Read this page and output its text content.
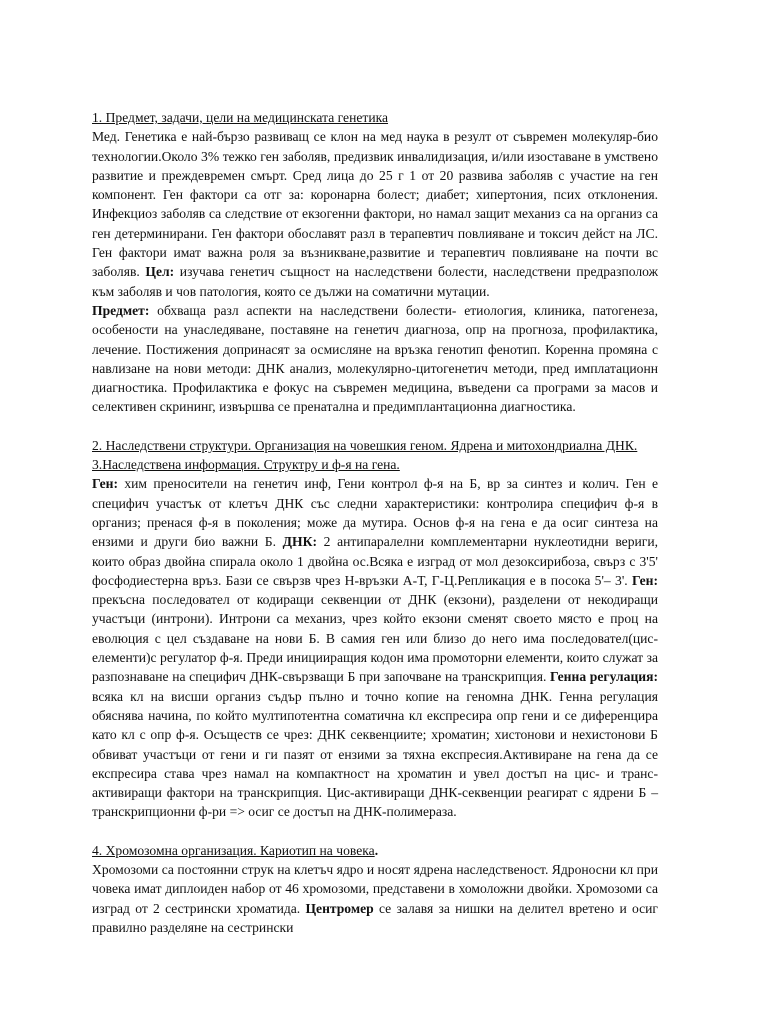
1. Предмет, задачи, цели на медицинската генетика

Мед. Генетика е най-бързо развиващ се клон на мед наука в резулт от съвремен молекуляр-био технологии.Около 3% тежко ген заболяв, предизвик инвалидизация, и/или изоставане в умствено развитие и преждевремен смърт. Сред лица до 25 г 1 от 20 развива заболяв с участие на ген компонент. Ген фактори са отг за: коронарна болест; диабет; хипертония, псих отклонения. Инфекциоз заболяв са следствие от екзогенни фактори, но намал защит механиз са на организ са ген детерминирани. Ген фактори обославят разл в терапевтич повлияване и токсич дейст на ЛС. Ген фактори имат важна роля за възникване,развитие и терапевтич повлияване на почти вс заболяв. Цел: изучава генетич същност на наследствени болести, наследствени предразполож към заболяв и чов патология, която се дължи на соматични мутации.

Предмет: обхваща разл аспекти на наследствени болести- етиология, клиника, патогенеза, особености на унаследяване, поставяне на генетич диагноза, опр на прогноза, профилактика, лечение. Постижения допринасят за осмисляне на връзка генотип фенотип. Коренна промяна с навлизане на нови методи: ДНК анализ, молекулярно-цитогенетич методи, пред имплатационн диагностика. Профилактика е фокус на съвремен медицина, въведени са програми за масов и селективен скрининг, извършва се пренатална и предимплантационна диагностика.

2. Наследствени структури. Организация на човешкия геном. Ядрена и митохондриална ДНК.

3.Наследствена информация. Структру и ф-я на гена.

Ген: хим преносители на генетич инф, Гени контрол ф-я на Б, вр за синтез и колич. Ген е специфич участък от клетъч ДНК със следни характеристики: контролира специфич ф-я в организ; пренася ф-я в поколения; може да мутира. Основ ф-я на гена е да осиг синтеза на ензими и други био важни Б. ДНК: 2 антипаралелни комплементарни нуклеотидни вериги, които образ двойна спирала около 1 двойна ос.Всяка е изград от мол дезоксирибоза, свърз с 3'5' фосфодиестерна връз. Бази се свързв чрез Н-връзки А-Т, Г-Ц.Репликация е в посока 5'– 3'. Ген: прекъсна последовател от кодиращи секвенции от ДНК (екзони), разделени от некодиращи участъци (интрони). Интрони са механиз, чрез който екзони сменят своето място е проц на еволюция с цел създаване на нови Б. В самия ген или близо до него има последовател(цис-елементи)с регулатор ф-я. Преди иницииращия кодон има промоторни елементи, които служат за разпознаване на специфич ДНК-свързващи Б при започване на транскрипция. Генна регулация: всяка кл на висши организ съдър пълно и точно копие на геномна ДНК. Генна регулация обяснява начина, по който мултипотентна соматична кл експресира опр гени и се диференцира като кл с опр ф-я. Осъществ се чрез: ДНК секвенциите; хроматин; хистонови и нехистонови Б обвиват участъци от гени и ги пазят от ензими за тяхна експресия.Активиране на гена да се експресира става чрез намал на компактност на хроматин и увел достъп на цис- и транс-активиращи фактори на транскрипция. Цис-активиращи ДНК-секвенции реагират с ядрени Б – транскрипционни ф-ри => осиг се достъп на ДНК-полимераза.

4. Хромозомна организация. Кариотип на човека.

Хромозоми са постоянни струк на клетъч ядро и носят ядрена наследственост. Ядроносни кл при човека имат диплоиден набор от 46 хромозоми, представени в хомоложни двойки. Хромозоми са изград от 2 сестрински хроматида. Центромер се залавя за нишки на делител вретено и осиг правилно разделяне на сестрински
